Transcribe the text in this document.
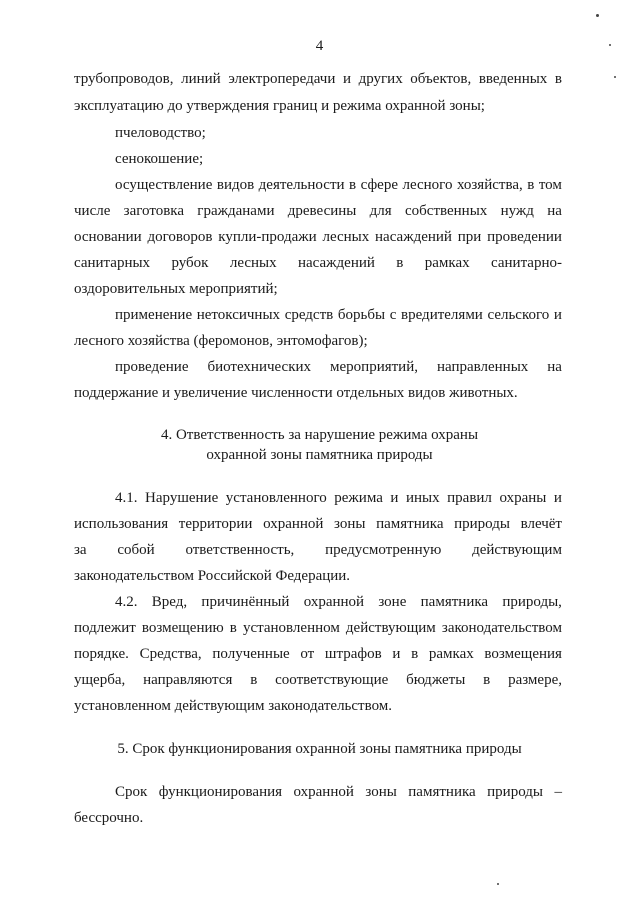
4
трубопроводов, линий электропередачи и других объектов, введенных в
эксплуатацию до утверждения границ и режима охранной зоны;
пчеловодство;
сенокошение;
осуществление видов деятельности в сфере лесного хозяйства, в том
числе заготовка гражданами древесины для собственных нужд на
основании договоров купли-продажи лесных насаждений при проведении
санитарных рубок лесных насаждений в рамках санитарно-
оздоровительных мероприятий;
применение нетоксичных средств борьбы с вредителями сельского и
лесного хозяйства (феромонов, энтомофагов);
проведение биотехнических мероприятий, направленных на
поддержание и увеличение численности отдельных видов животных.
4. Ответственность за нарушение режима охраны
охранной зоны памятника природы
4.1. Нарушение установленного режима и иных правил охраны и
использования территории охранной зоны памятника природы влечёт
за собой ответственность, предусмотренную действующим
законодательством Российской Федерации.
4.2. Вред, причинённый охранной зоне памятника природы,
подлежит возмещению в установленном действующим законодательством
порядке. Средства, полученные от штрафов и в рамках возмещения
ущерба, направляются в соответствующие бюджеты в размере,
установленном действующим законодательством.
5. Срок функционирования охранной зоны памятника природы
Срок функционирования охранной зоны памятника природы –
бессрочно.
